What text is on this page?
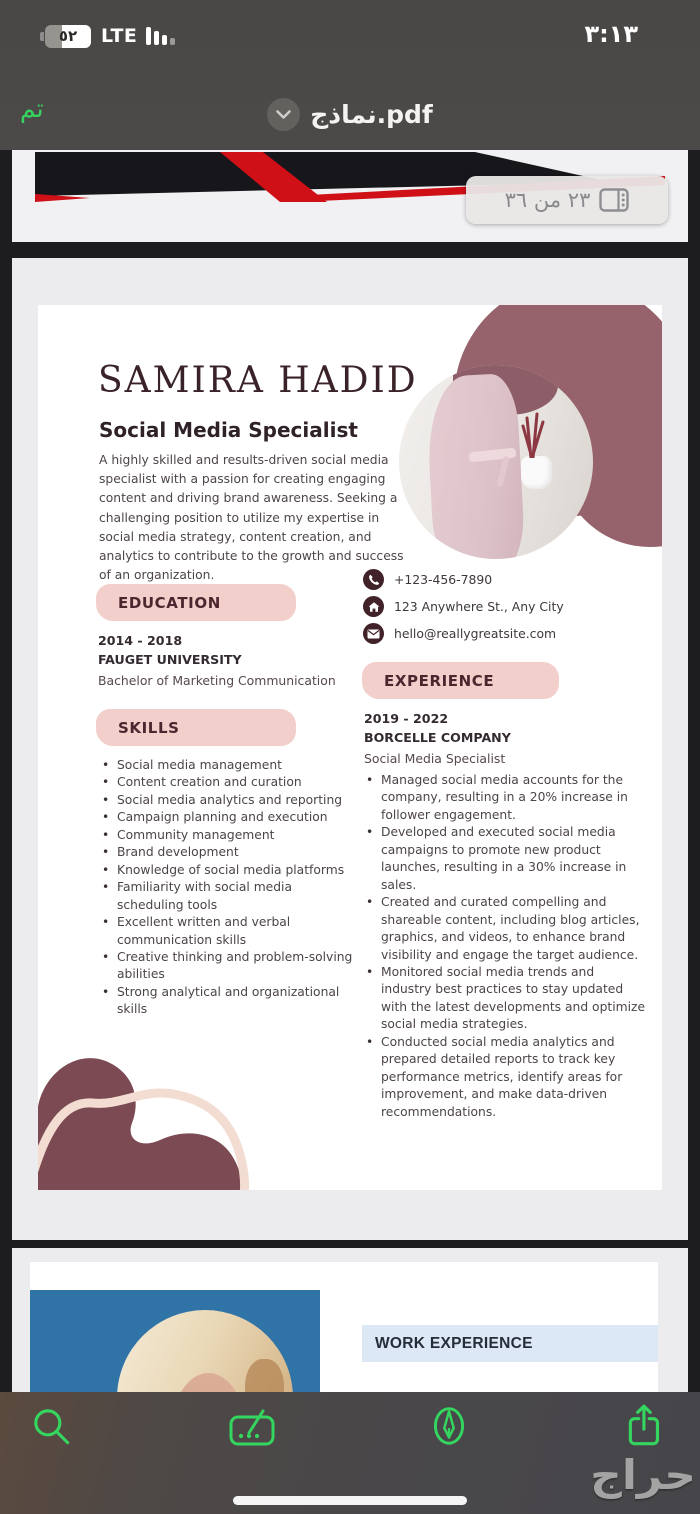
٥٢ LTE	٣:١٣
تم	نماذج.pdf
٢٣ من ٣٦
SAMIRA HADID
Social Media Specialist

A highly skilled and results-driven social media specialist with a passion for creating engaging content and driving brand awareness. Seeking a challenging position to utilize my expertise in social media strategy, content creation, and analytics to contribute to the growth and success of an organization.

EDUCATION
2014 - 2018
FAUGET UNIVERSITY
Bachelor of Marketing Communication
SKILLS
• Social media management
• Content creation and curation
• Social media analytics and reporting
• Campaign planning and execution
• Community management
• Brand development
• Knowledge of social media platforms
• Familiarity with social media scheduling tools
• Excellent written and verbal communication skills
• Creative thinking and problem-solving abilities
• Strong analytical and organizational skills
+123-456-7890
123 Anywhere St., Any City
hello@reallygreatsite.com
EXPERIENCE
2019 - 2022
BORCELLE COMPANY
Social Media Specialist
• Managed social media accounts for the company, resulting in a 20% increase in follower engagement.
• Developed and executed social media campaigns to promote new product launches, resulting in a 30% increase in sales.
• Created and curated compelling and shareable content, including blog articles, graphics, and videos, to enhance brand visibility and engage the target audience.
• Monitored social media trends and industry best practices to stay updated with the latest developments and optimize social media strategies.
• Conducted social media analytics and prepared detailed reports to track key performance metrics, identify areas for improvement, and make data-driven recommendations.
WORK EXPERIENCE
حراج
